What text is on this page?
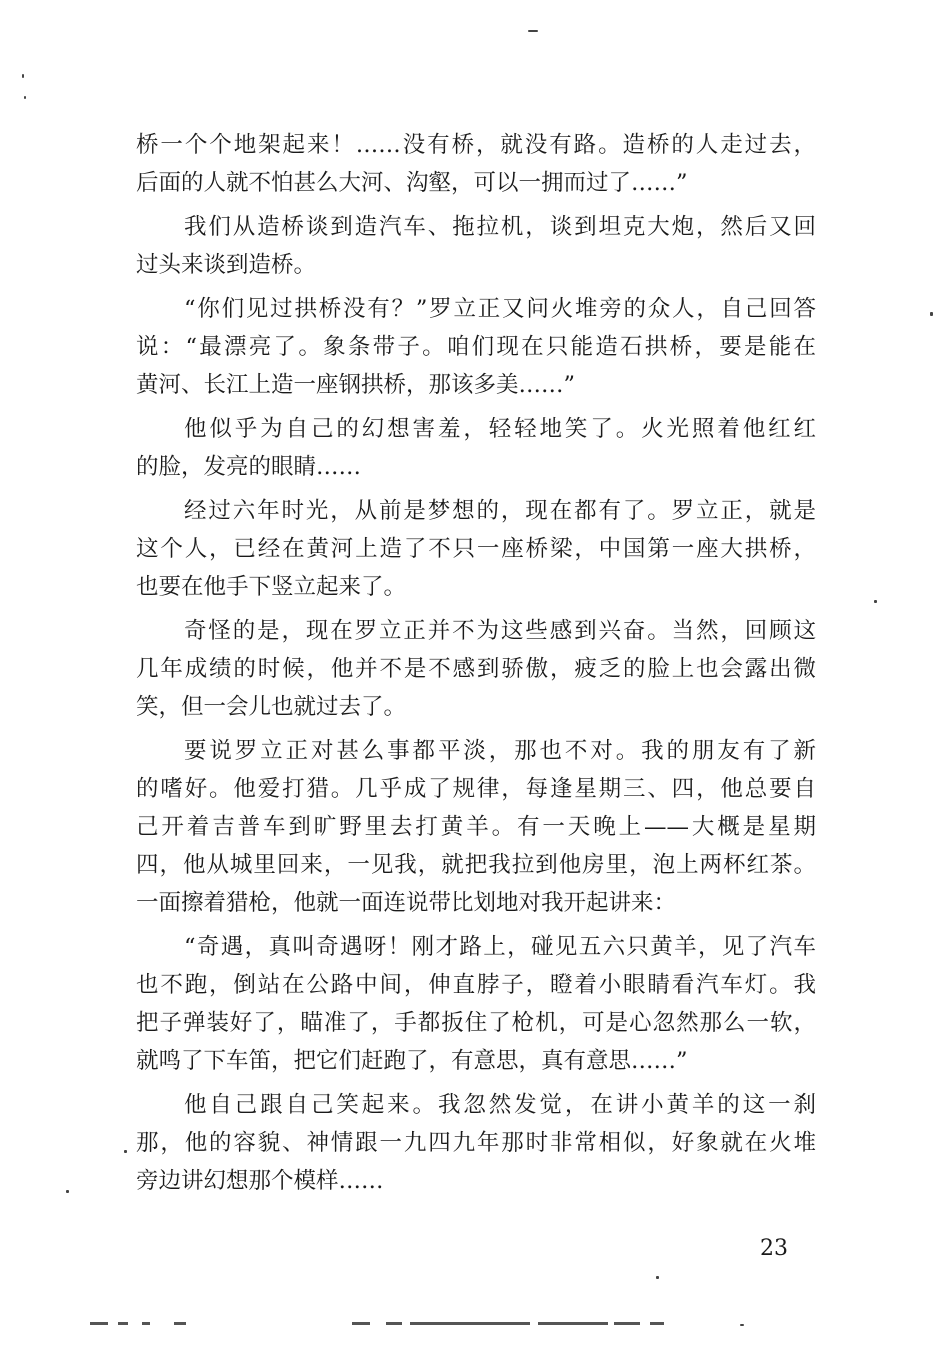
桥一个个地架起来！……没有桥，就没有路。造桥的人走过去，
后面的人就不怕甚么大河、沟壑，可以一拥而过了……”
我们从造桥谈到造汽车、拖拉机，谈到坦克大炮，然后又回
过头来谈到造桥。
“你们见过拱桥没有？”罗立正又问火堆旁的众人，自己回答
说：“最漂亮了。象条带子。咱们现在只能造石拱桥，要是能在
黄河、长江上造一座钢拱桥，那该多美……”
他似乎为自己的幻想害羞，轻轻地笑了。火光照着他红红
的脸，发亮的眼睛……
经过六年时光，从前是梦想的，现在都有了。罗立正，就是
这个人，已经在黄河上造了不只一座桥梁，中国第一座大拱桥，
也要在他手下竖立起来了。
奇怪的是，现在罗立正并不为这些感到兴奋。当然，回顾这
几年成绩的时候，他并不是不感到骄傲，疲乏的脸上也会露出微
笑，但一会儿也就过去了。
要说罗立正对甚么事都平淡，那也不对。我的朋友有了新
的嗜好。他爱打猎。几乎成了规律，每逢星期三、四，他总要自
己开着吉普车到旷野里去打黄羊。有一天晚上——大概是星期
四，他从城里回来，一见我，就把我拉到他房里，泡上两杯红茶。
一面擦着猎枪，他就一面连说带比划地对我开起讲来：
“奇遇，真叫奇遇呀！刚才路上，碰见五六只黄羊，见了汽车
也不跑，倒站在公路中间，伸直脖子，瞪着小眼睛看汽车灯。我
把子弹装好了，瞄准了，手都扳住了枪机，可是心忽然那么一软，
就鸣了下车笛，把它们赶跑了，有意思，真有意思……”
他自己跟自己笑起来。我忽然发觉，在讲小黄羊的这一刹
那，他的容貌、神情跟一九四九年那时非常相似，好象就在火堆
旁边讲幻想那个模样……
23
